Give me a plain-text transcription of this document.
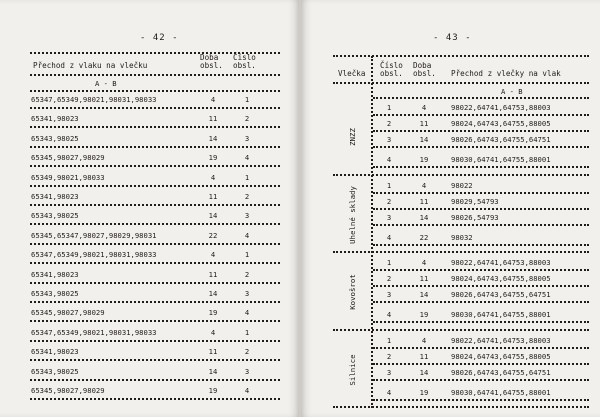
- 42 -
Přechod z vlaku na vlečku
Doba obsl.
Číslo obsl.
A - B
65347,65349,98021,98031,98033	4	1
65341,98023	11	2
65343,98025	14	3
65345,98027,98029	19	4
65349,98021,98033	4	1
65341,98023	11	2
65343,98025	14	3
65345,65347,98027,98029,98031	22	4
65347,65349,98021,98031,98033	4	1
65341,98023	11	2
65343,98025	14	3
65345,98027,98029	19	4
65347,65349,98021,98031,98033	4	1
65341,98023	11	2
65343,98025	14	3
65345,98027,98029	19	4
- 43 -
Vlečka
Číslo obsl.
Doba obsl. Přechod z vlečky na vlak
A - B
ZNZZ
1	4	98022,64741,64753,88003
2	11	98024,64743,64755,88005
3	14	98026,64743,64755,64751
4	19	98030,64741,64755,88001
Uhelné sklady
1	4	98022
2	11	98029,54793
3	14	98026,54793
4	22	98032
Kovošrot
1	4	98022,64741,64753,88003
2	11	98024,64743,64755,88005
3	14	98026,64743,64755,64751
4	19	98030,64741,64755,88001
Silnice
1	4	98022,64741,64753,88003
2	11	98024,64743,64755,88005
3	14	98026,64743,64755,64751
4	19	98030,64741,64755,88001
